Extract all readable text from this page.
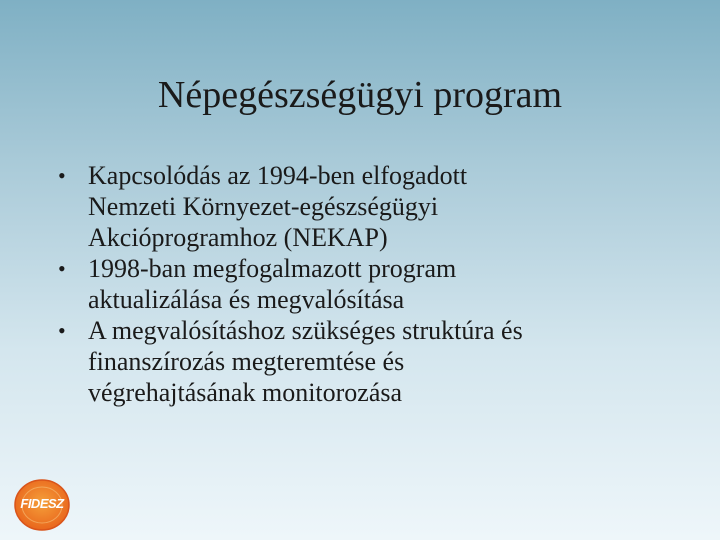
Népegészségügyi program
• Kapcsolódás az 1994-ben elfogadott
Nemzeti Környezet-egészségügyi
Akcióprogramhoz (NEKAP)
• 1998-ban megfogalmazott program
aktualizálása és megvalósítása
• A megvalósításhoz szükséges struktúra és
finanszírozás megteremtése és
végrehajtásának monitorozása
FIDESZ
